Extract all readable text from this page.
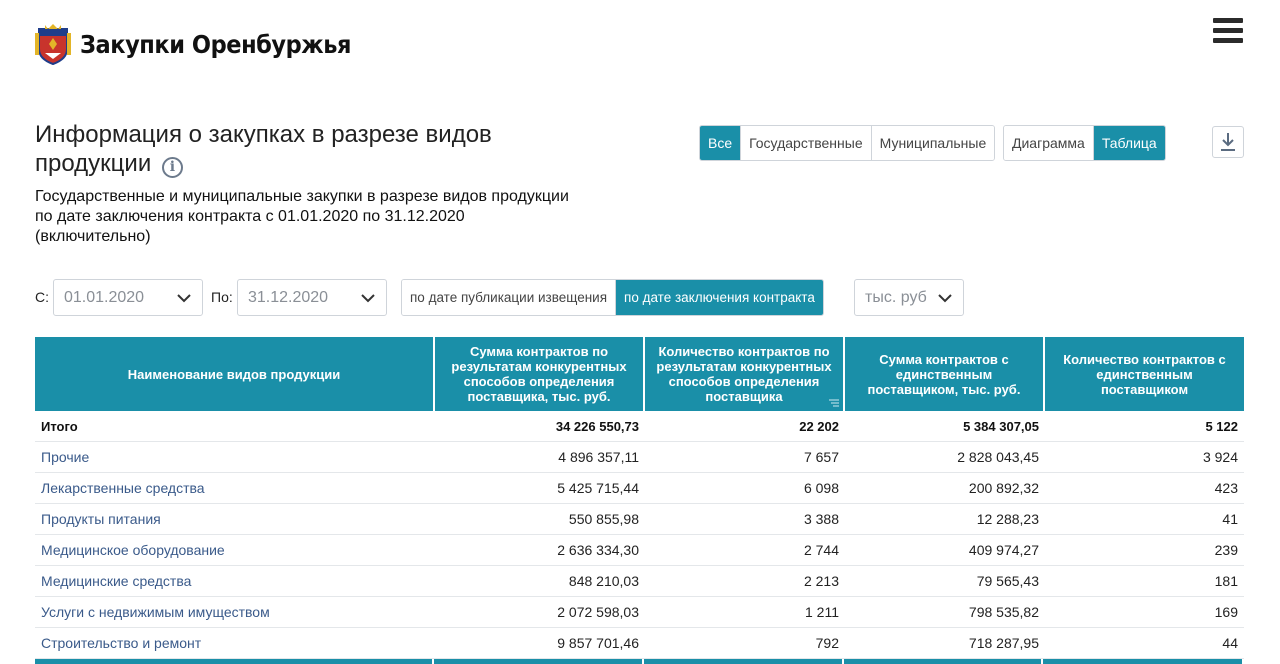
Закупки Оренбуржья
Информация о закупках в разрезе видов продукции i
Государственные и муниципальные закупки в разрезе видов продукции
по дате заключения контракта с 01.01.2020 по 31.12.2020
(включительно)
Все	Государственные	Муниципальные	Диаграмма	Таблица
С: 01.01.2020	По: 31.12.2020	по дате публикации извещения	по дате заключения контракта	тыс. руб
Наименование видов продукции	Сумма контрактов по результатам конкурентных способов определения поставщика, тыс. руб.	Количество контрактов по результатам конкурентных способов определения поставщика	Сумма контрактов с единственным поставщиком, тыс. руб.	Количество контрактов с единственным поставщиком
Итого	34 226 550,73	22 202	5 384 307,05	5 122
Прочие	4 896 357,11	7 657	2 828 043,45	3 924
Лекарственные средства	5 425 715,44	6 098	200 892,32	423
Продукты питания	550 855,98	3 388	12 288,23	41
Медицинское оборудование	2 636 334,30	2 744	409 974,27	239
Медицинские средства	848 210,03	2 213	79 565,43	181
Услуги с недвижимым имуществом	2 072 598,03	1 211	798 535,82	169
Строительство и ремонт	9 857 701,46	792	718 287,95	44
